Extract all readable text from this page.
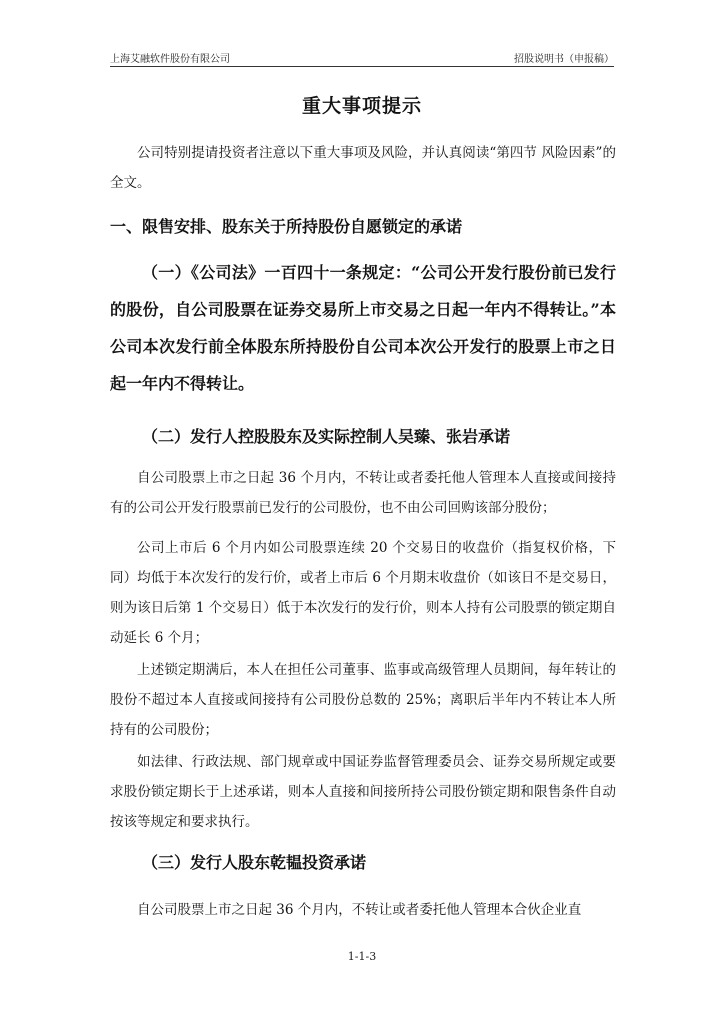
上海艾融软件股份有限公司	招股说明书（申报稿）
重大事项提示

公司特别提请投资者注意以下重大事项及风险，并认真阅读“第四节 风险因素”的全文。

一、限售安排、股东关于所持股份自愿锁定的承诺

（一）《公司法》一百四十一条规定：“公司公开发行股份前已发行的股份，自公司股票在证券交易所上市交易之日起一年内不得转让。”本公司本次发行前全体股东所持股份自公司本次公开发行的股票上市之日起一年内不得转让。

（二）发行人控股股东及实际控制人吴臻、张岩承诺

自公司股票上市之日起 36 个月内，不转让或者委托他人管理本人直接或间接持有的公司公开发行股票前已发行的公司股份，也不由公司回购该部分股份；

公司上市后 6 个月内如公司股票连续 20 个交易日的收盘价（指复权价格，下同）均低于本次发行的发行价，或者上市后 6 个月期末收盘价（如该日不是交易日，则为该日后第 1 个交易日）低于本次发行的发行价，则本人持有公司股票的锁定期自动延长 6 个月；

上述锁定期满后，本人在担任公司董事、监事或高级管理人员期间，每年转让的股份不超过本人直接或间接持有公司股份总数的 25%；离职后半年内不转让本人所持有的公司股份；

如法律、行政法规、部门规章或中国证券监督管理委员会、证券交易所规定或要求股份锁定期长于上述承诺，则本人直接和间接所持公司股份锁定期和限售条件自动按该等规定和要求执行。

（三）发行人股东乾韫投资承诺

自公司股票上市之日起 36 个月内，不转让或者委托他人管理本合伙企业直

1-1-3
